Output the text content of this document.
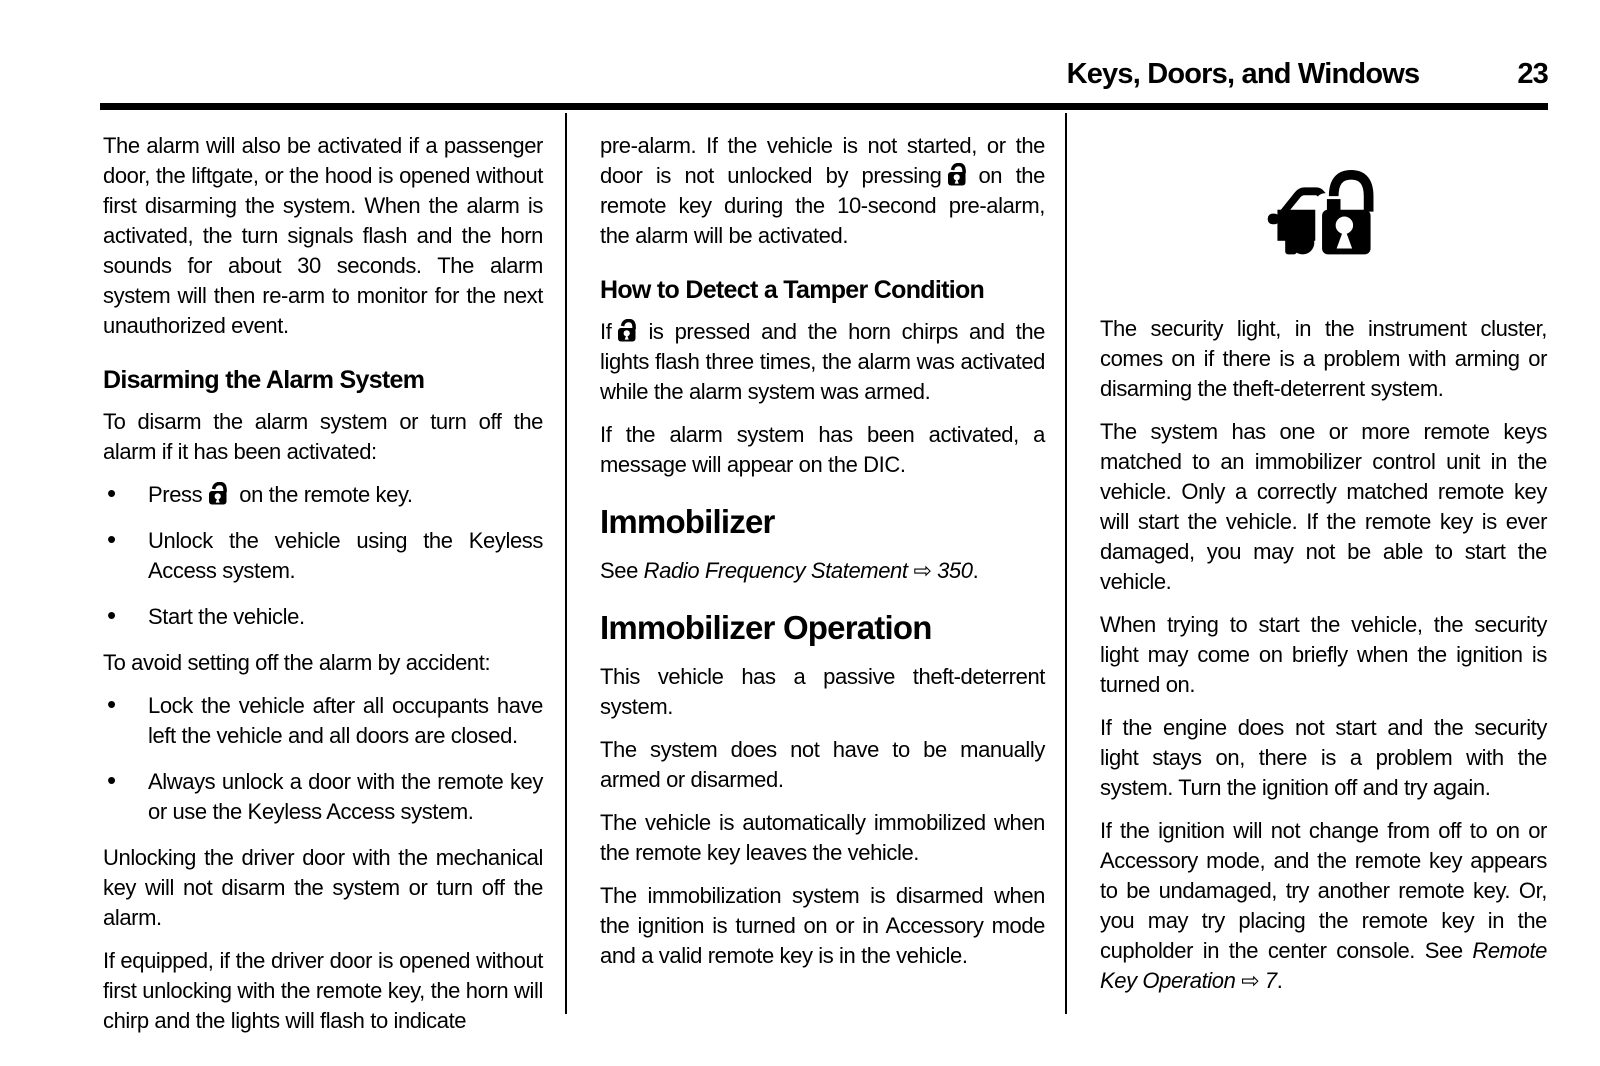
Keys, Doors, and Windows	23

The alarm will also be activated if a passenger door, the liftgate, or the hood is opened without first disarming the system. When the alarm is activated, the turn signals flash and the horn sounds for about 30 seconds. The alarm system will then re-arm to monitor for the next unauthorized event.

Disarming the Alarm System

To disarm the alarm system or turn off the alarm if it has been activated:

• Press on the remote key.
• Unlock the vehicle using the Keyless Access system.
• Start the vehicle.

To avoid setting off the alarm by accident:

• Lock the vehicle after all occupants have left the vehicle and all doors are closed.
• Always unlock a door with the remote key or use the Keyless Access system.

Unlocking the driver door with the mechanical key will not disarm the system or turn off the alarm.

If equipped, if the driver door is opened without first unlocking with the remote key, the horn will chirp and the lights will flash to indicate

pre-alarm. If the vehicle is not started, or the door is not unlocked by pressing on the remote key during the 10-second pre-alarm, the alarm will be activated.

How to Detect a Tamper Condition

If is pressed and the horn chirps and the lights flash three times, the alarm was activated while the alarm system was armed.

If the alarm system has been activated, a message will appear on the DIC.

Immobilizer

See Radio Frequency Statement ⇨ 350.

Immobilizer Operation

This vehicle has a passive theft-deterrent system.

The system does not have to be manually armed or disarmed.

The vehicle is automatically immobilized when the remote key leaves the vehicle.

The immobilization system is disarmed when the ignition is turned on or in Accessory mode and a valid remote key is in the vehicle.

The security light, in the instrument cluster, comes on if there is a problem with arming or disarming the theft-deterrent system.

The system has one or more remote keys matched to an immobilizer control unit in the vehicle. Only a correctly matched remote key will start the vehicle. If the remote key is ever damaged, you may not be able to start the vehicle.

When trying to start the vehicle, the security light may come on briefly when the ignition is turned on.

If the engine does not start and the security light stays on, there is a problem with the system. Turn the ignition off and try again.

If the ignition will not change from off to on or Accessory mode, and the remote key appears to be undamaged, try another remote key. Or, you may try placing the remote key in the cupholder in the center console. See Remote Key Operation ⇨ 7.
